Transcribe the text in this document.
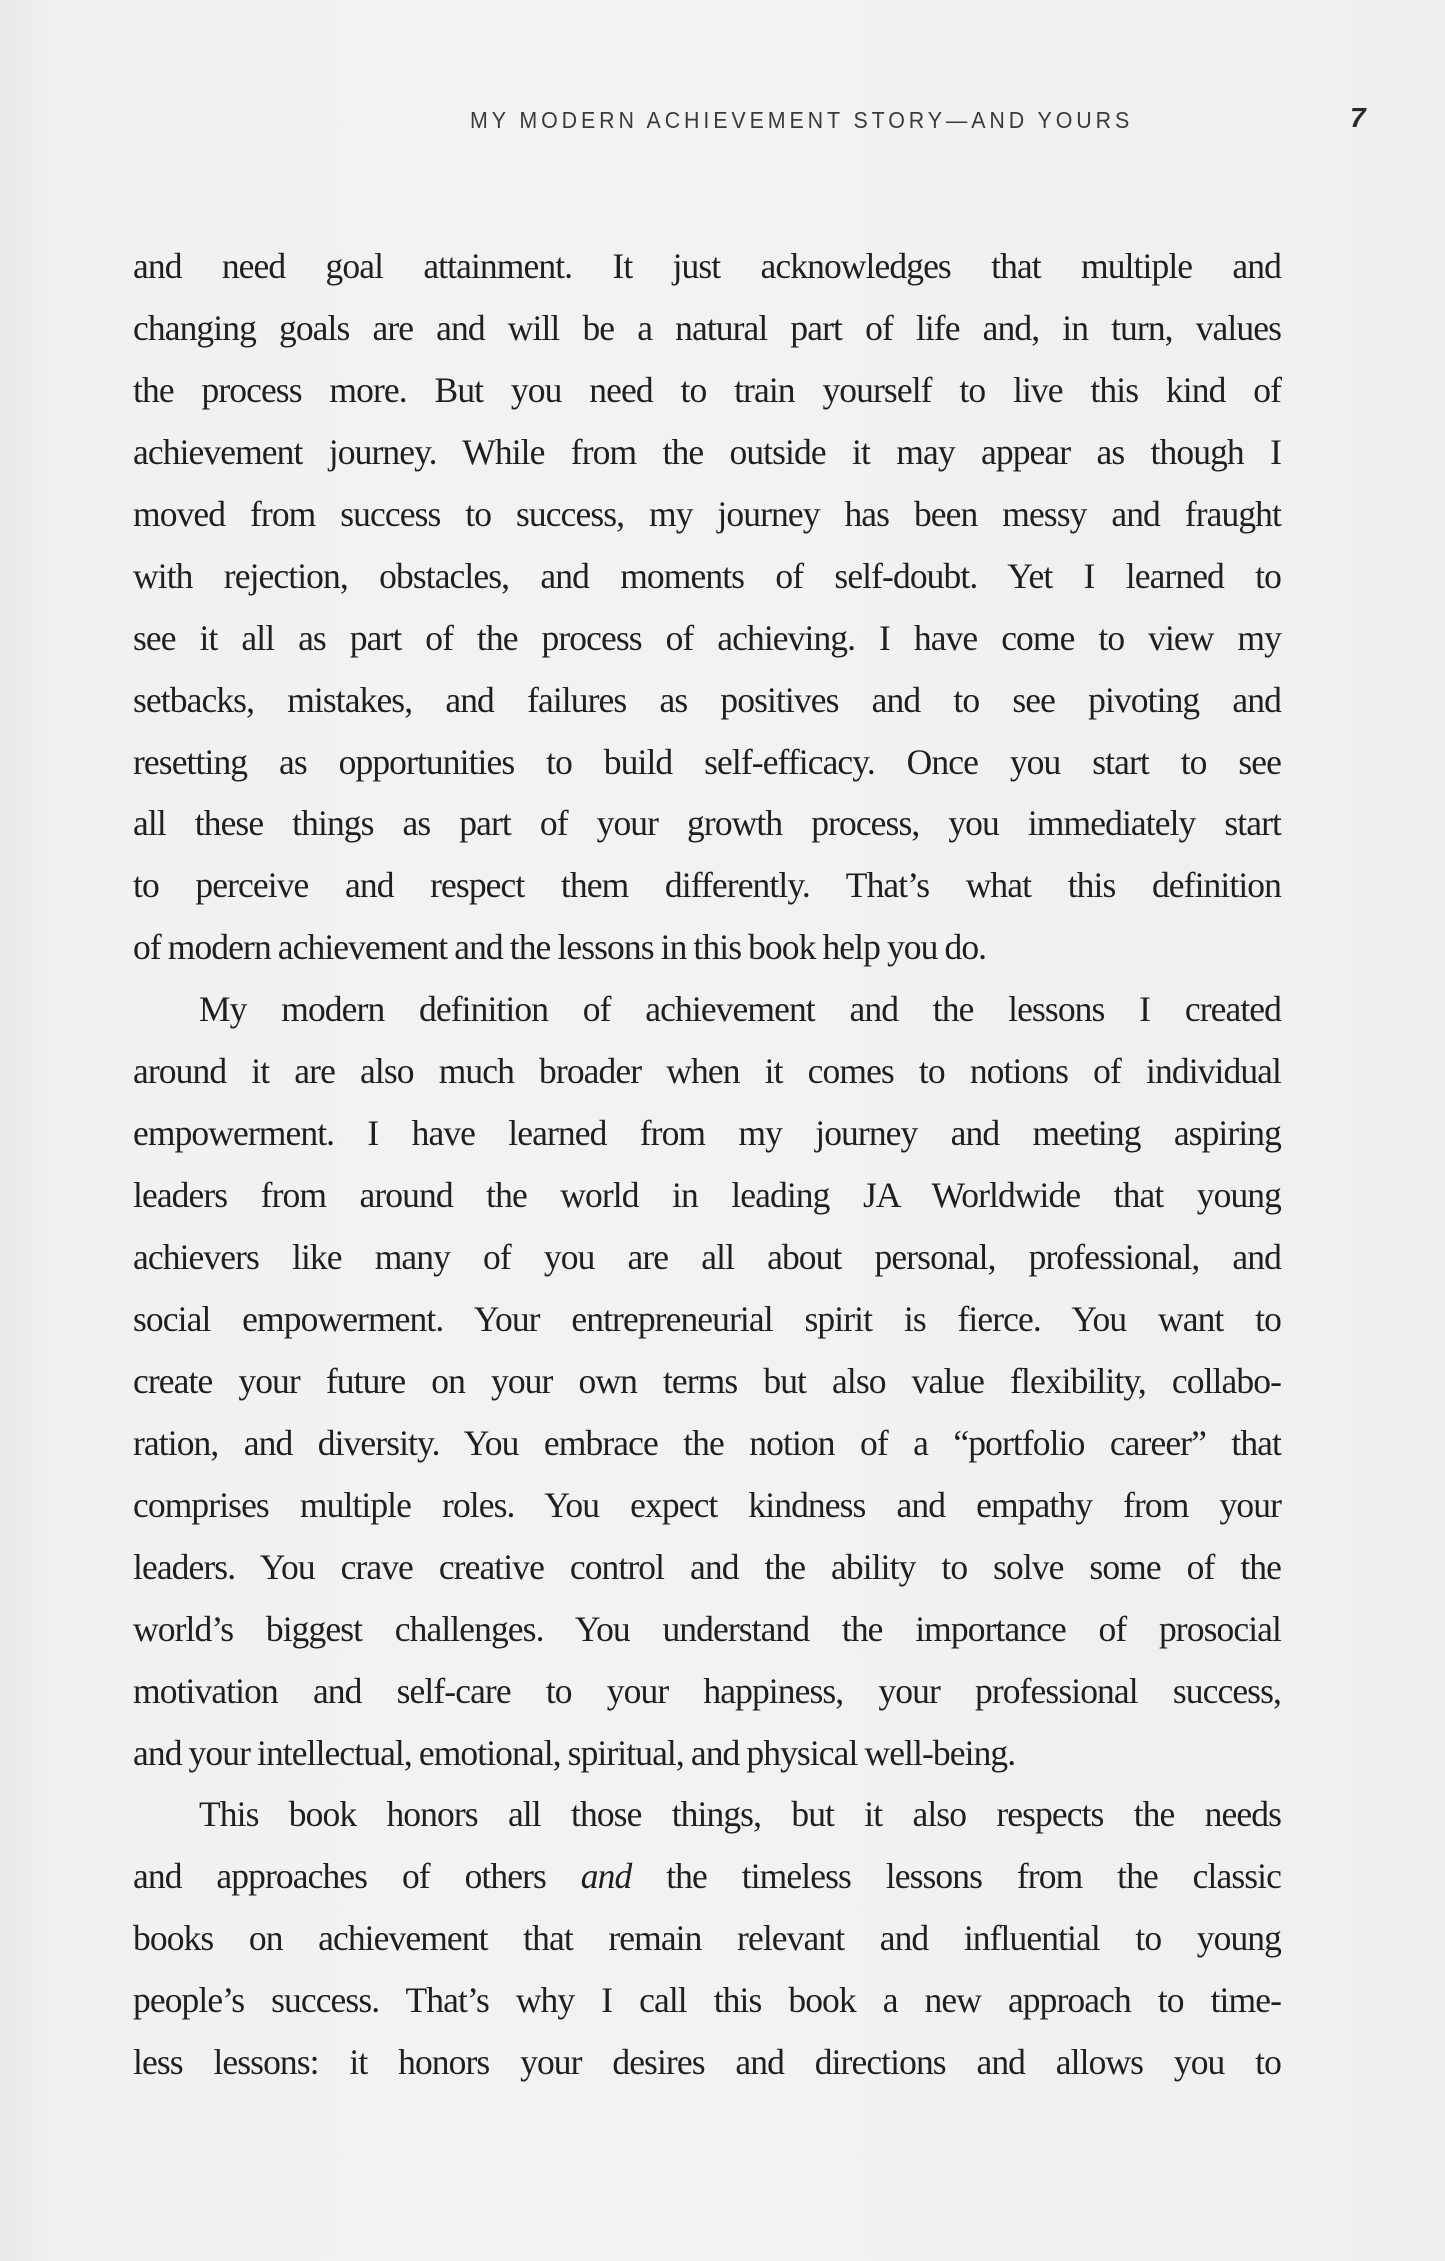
MY MODERN ACHIEVEMENT STORY—AND YOURS	7
and need goal attainment. It just acknowledges that multiple and
changing goals are and will be a natural part of life and, in turn, values
the process more. But you need to train yourself to live this kind of
achievement journey. While from the outside it may appear as though I
moved from success to success, my journey has been messy and fraught
with rejection, obstacles, and moments of self-doubt. Yet I learned to
see it all as part of the process of achieving. I have come to view my
setbacks, mistakes, and failures as positives and to see pivoting and
resetting as opportunities to build self-efficacy. Once you start to see
all these things as part of your growth process, you immediately start
to perceive and respect them differently. That’s what this definition
of modern achievement and the lessons in this book help you do.
My modern definition of achievement and the lessons I created
around it are also much broader when it comes to notions of individual
empowerment. I have learned from my journey and meeting aspiring
leaders from around the world in leading JA Worldwide that young
achievers like many of you are all about personal, professional, and
social empowerment. Your entrepreneurial spirit is fierce. You want to
create your future on your own terms but also value flexibility, collabo-
ration, and diversity. You embrace the notion of a “portfolio career” that
comprises multiple roles. You expect kindness and empathy from your
leaders. You crave creative control and the ability to solve some of the
world’s biggest challenges. You understand the importance of prosocial
motivation and self-care to your happiness, your professional success,
and your intellectual, emotional, spiritual, and physical well-being.
This book honors all those things, but it also respects the needs
and approaches of others and the timeless lessons from the classic
books on achievement that remain relevant and influential to young
people’s success. That’s why I call this book a new approach to time-
less lessons: it honors your desires and directions and allows you to
